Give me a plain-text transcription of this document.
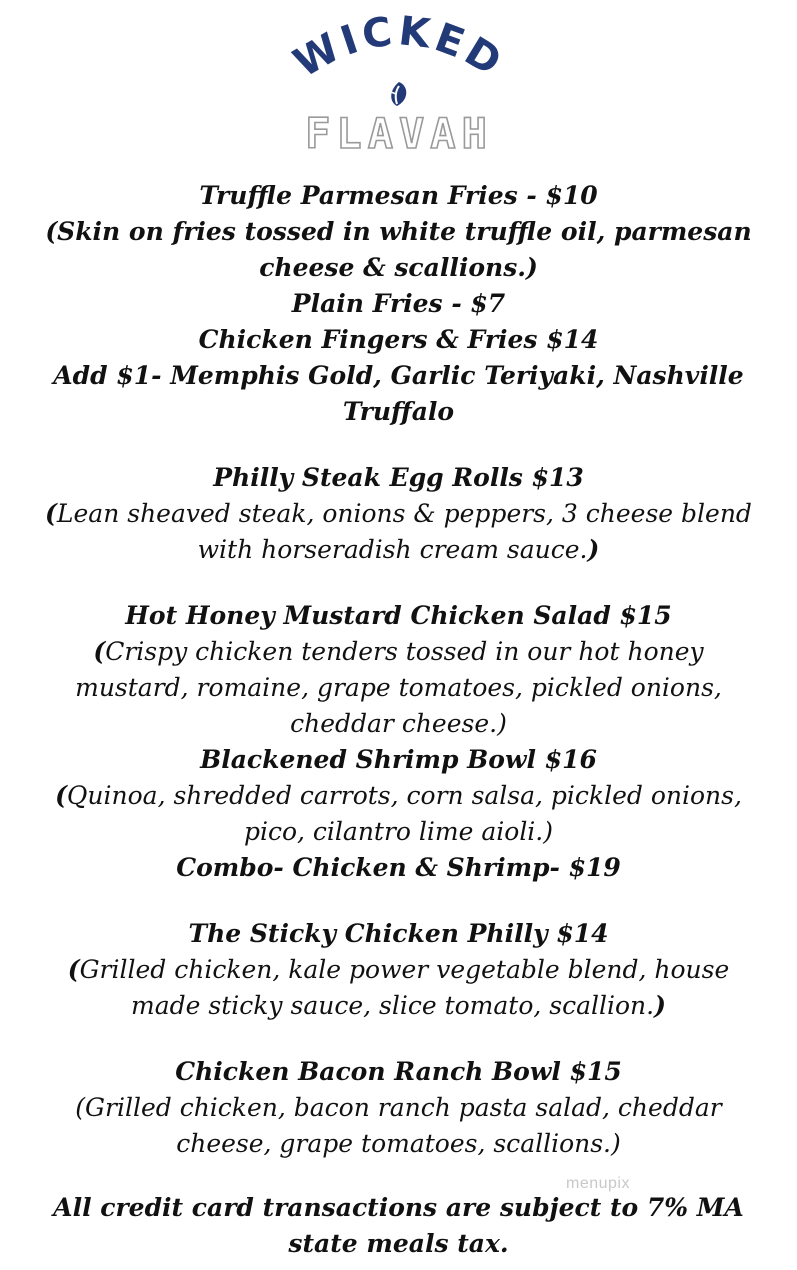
WICKED
FLAVAH
Truffle Parmesan Fries - $10
(Skin on fries tossed in white truffle oil, parmesan
cheese & scallions.)
Plain Fries - $7
Chicken Fingers & Fries $14
Add $1- Memphis Gold, Garlic Teriyaki, Nashville
Truffalo
Philly Steak Egg Rolls $13
(Lean sheaved steak, onions & peppers, 3 cheese blend
with horseradish cream sauce.)
Hot Honey Mustard Chicken Salad $15
(Crispy chicken tenders tossed in our hot honey
mustard, romaine, grape tomatoes, pickled onions,
cheddar cheese.)
Blackened Shrimp Bowl $16
(Quinoa, shredded carrots, corn salsa, pickled onions,
pico, cilantro lime aioli.)
Combo- Chicken & Shrimp- $19
The Sticky Chicken Philly $14
(Grilled chicken, kale power vegetable blend, house
made sticky sauce, slice tomato, scallion.)
Chicken Bacon Ranch Bowl $15
(Grilled chicken, bacon ranch pasta salad, cheddar
cheese, grape tomatoes, scallions.)
All credit card transactions are subject to 7% MA
state meals tax.
menupix
